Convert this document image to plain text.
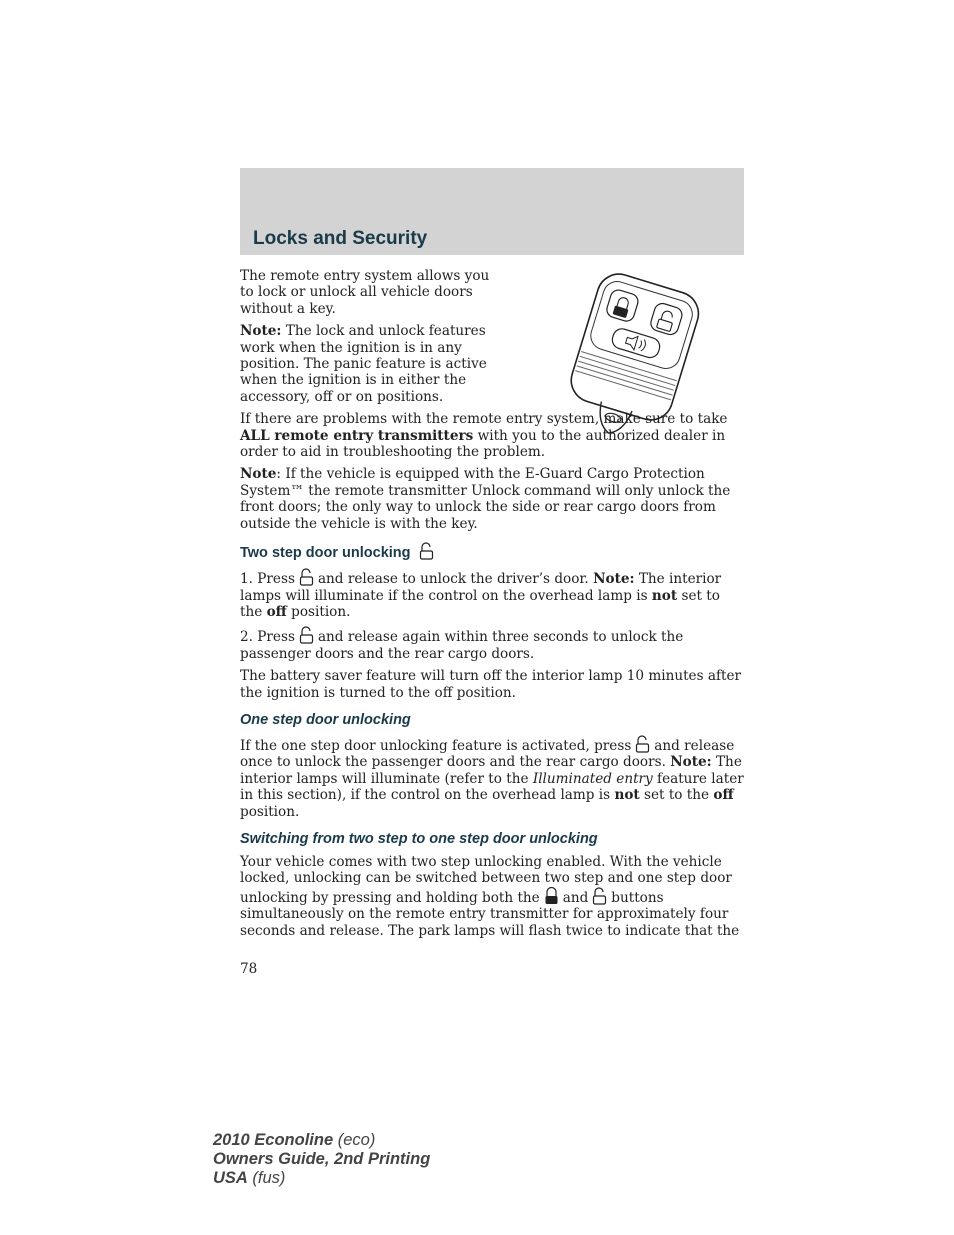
Locks and Security

The remote entry system allows you to lock or unlock all vehicle doors without a key.

Note: The lock and unlock features work when the ignition is in any position. The panic feature is active when the ignition is in either the accessory, off or on positions.

If there are problems with the remote entry system, make sure to take ALL remote entry transmitters with you to the authorized dealer in order to aid in troubleshooting the problem.

Note: If the vehicle is equipped with the E-Guard Cargo Protection System™ the remote transmitter Unlock command will only unlock the front doors; the only way to unlock the side or rear cargo doors from outside the vehicle is with the key.

Two step door unlocking

1. Press and release to unlock the driver’s door. Note: The interior lamps will illuminate if the control on the overhead lamp is not set to the off position.

2. Press and release again within three seconds to unlock the passenger doors and the rear cargo doors.

The battery saver feature will turn off the interior lamp 10 minutes after the ignition is turned to the off position.

One step door unlocking

If the one step door unlocking feature is activated, press and release once to unlock the passenger doors and the rear cargo doors. Note: The interior lamps will illuminate (refer to the Illuminated entry feature later in this section), if the control on the overhead lamp is not set to the off position.

Switching from two step to one step door unlocking

Your vehicle comes with two step unlocking enabled. With the vehicle locked, unlocking can be switched between two step and one step door unlocking by pressing and holding both the and buttons simultaneously on the remote entry transmitter for approximately four seconds and release. The park lamps will flash twice to indicate that the

78
2010 Econoline (eco)
Owners Guide, 2nd Printing
USA (fus)
